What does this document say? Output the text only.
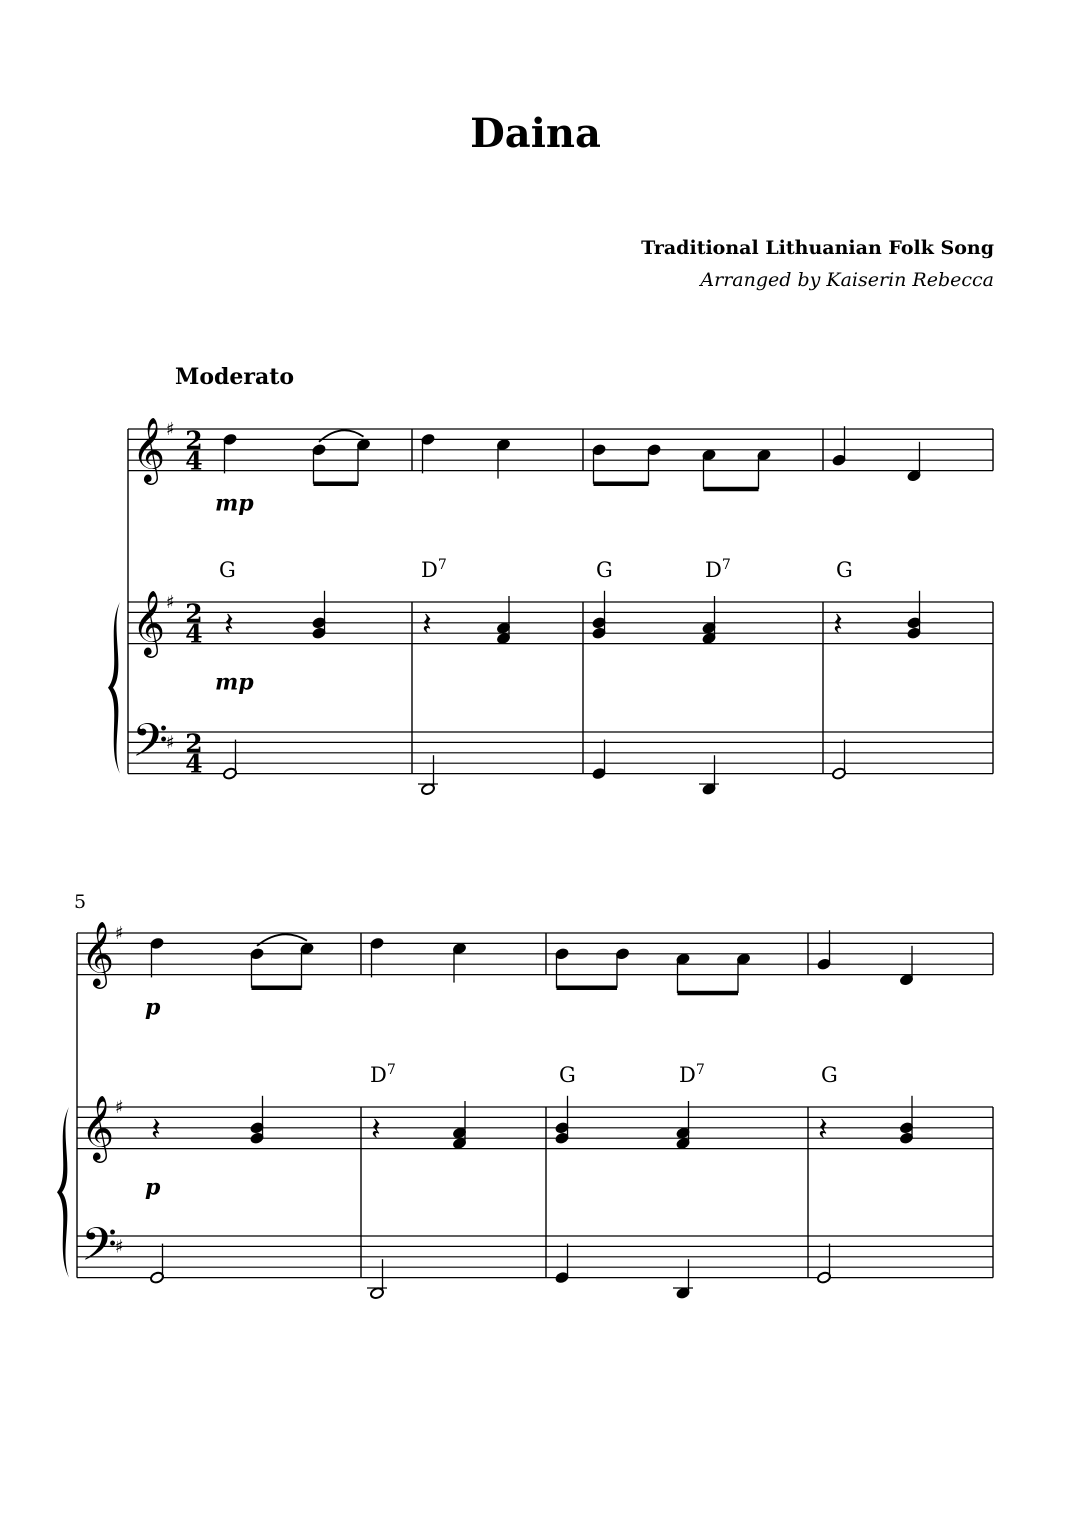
Daina
Traditional Lithuanian Folk Song
Arranged by Kaiserin Rebecca
Moderato
5
𝄞
𝄞
𝄢
♯
♯
♯
2
4
2
4
2
4
𝄽	𝄽	𝄽
mp
mp
G	$D^7$	G	$D^7$	G
𝄞
𝄞
𝄢
♯
♯
♯
𝄽	𝄽	𝄽
p
p
$D^7$	G	$D^7$	G
